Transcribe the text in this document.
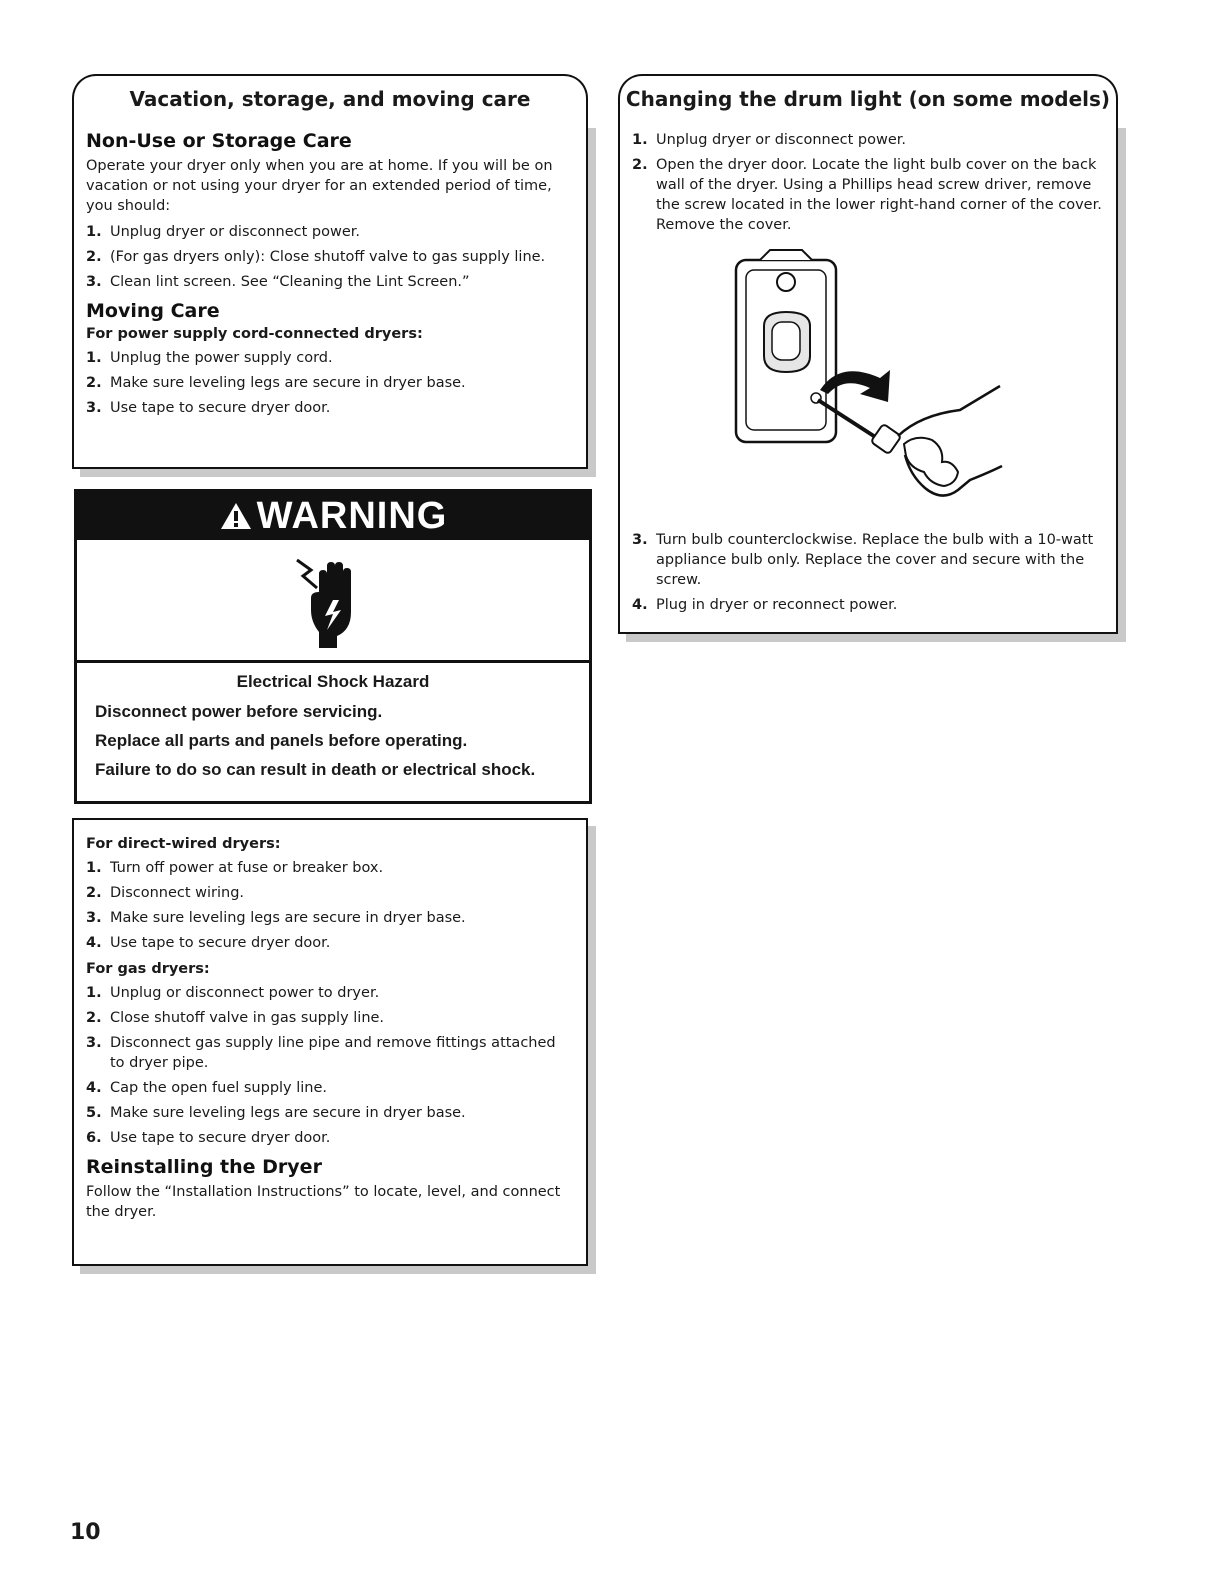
Vacation, storage, and moving care
Non-Use or Storage Care

Operate your dryer only when you are at home. If you will be on vacation or not using your dryer for an extended period of time, you should:

1. Unplug dryer or disconnect power.
2. (For gas dryers only): Close shutoff valve to gas supply line.
3. Clean lint screen. See “Cleaning the Lint Screen.”
Moving Care
For power supply cord-connected dryers:
1. Unplug the power supply cord.
2. Make sure leveling legs are secure in dryer base.
3. Use tape to secure dryer door.
WARNING
Electrical Shock Hazard
Disconnect power before servicing.
Replace all parts and panels before operating.
Failure to do so can result in death or electrical shock.
For direct-wired dryers:
1. Turn off power at fuse or breaker box.
2. Disconnect wiring.
3. Make sure leveling legs are secure in dryer base.
4. Use tape to secure dryer door.
For gas dryers:
1. Unplug or disconnect power to dryer.
2. Close shutoff valve in gas supply line.
3. Disconnect gas supply line pipe and remove fittings attached to dryer pipe.
4. Cap the open fuel supply line.
5. Make sure leveling legs are secure in dryer base.
6. Use tape to secure dryer door.
Reinstalling the Dryer

Follow the “Installation Instructions” to locate, level, and connect the dryer.

Changing the drum light (on some models)
1. Unplug dryer or disconnect power.
2. Open the dryer door. Locate the light bulb cover on the back wall of the dryer. Using a Phillips head screw driver, remove the screw located in the lower right-hand corner of the cover. Remove the cover.
3. Turn bulb counterclockwise. Replace the bulb with a 10-watt appliance bulb only. Replace the cover and secure with the screw.
4. Plug in dryer or reconnect power.
10
